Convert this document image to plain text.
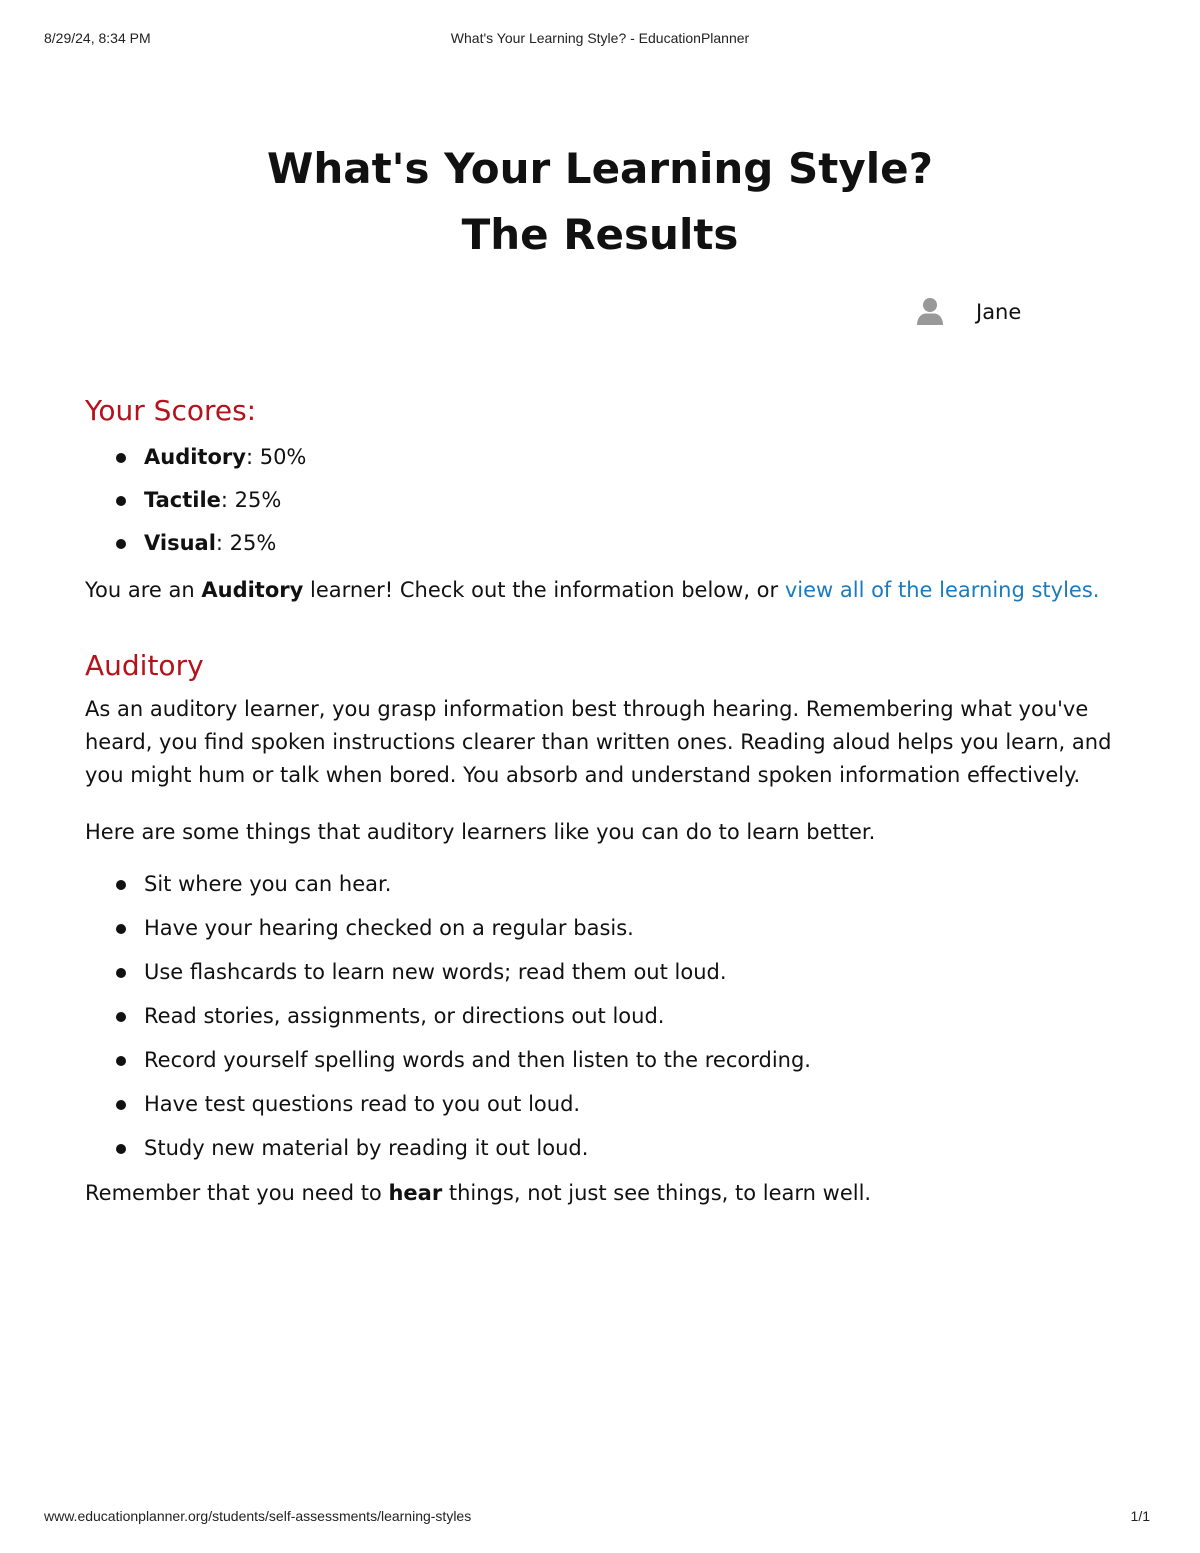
8/29/24, 8:34 PM	What's Your Learning Style? - EducationPlanner
What's Your Learning Style?
The Results
Jane
Your Scores:
Auditory: 50%
Tactile: 25%
Visual: 25%

You are an Auditory learner! Check out the information below, or view all of the learning styles.

Auditory

As an auditory learner, you grasp information best through hearing. Remembering what you've heard, you find spoken instructions clearer than written ones. Reading aloud helps you learn, and you might hum or talk when bored. You absorb and understand spoken information effectively.

Here are some things that auditory learners like you can do to learn better.

Sit where you can hear.
Have your hearing checked on a regular basis.
Use flashcards to learn new words; read them out loud.
Read stories, assignments, or directions out loud.
Record yourself spelling words and then listen to the recording.
Have test questions read to you out loud.
Study new material by reading it out loud.

Remember that you need to hear things, not just see things, to learn well.

www.educationplanner.org/students/self-assessments/learning-styles	1/1
